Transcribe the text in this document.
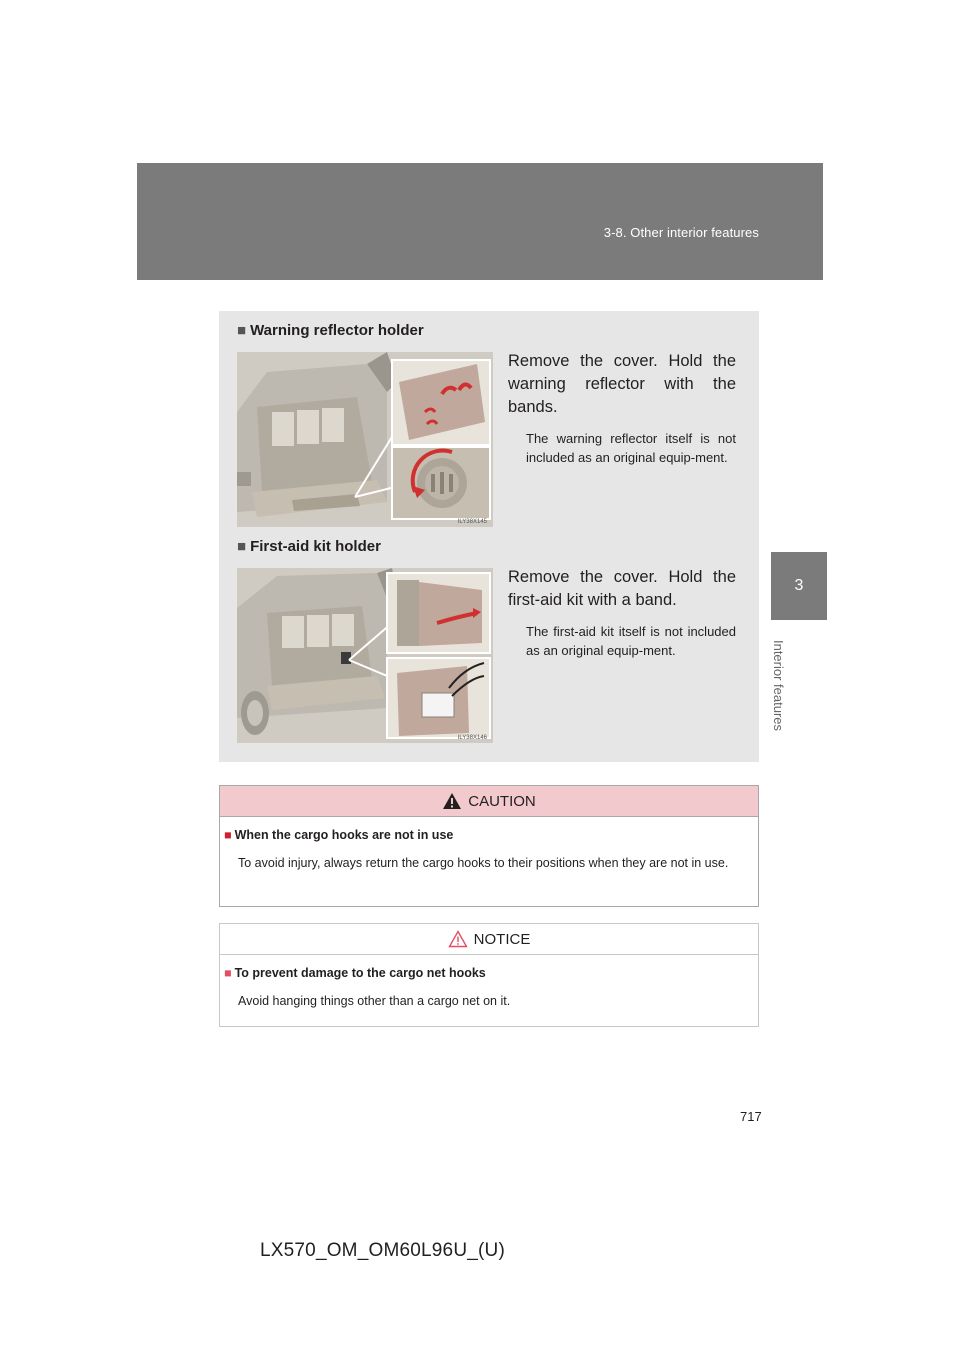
3-8. Other interior features
3
Interior features
■ Warning reflector holder
ILY38X145
Remove the cover. Hold the warning reflector with the bands.
The warning reflector itself is not included as an original equip-ment.
■ First-aid kit holder
ILY38X146
Remove the cover. Hold the first-aid kit with a band.
The first-aid kit itself is not included as an original equip-ment.
CAUTION
■ When the cargo hooks are not in use
To avoid injury, always return the cargo hooks to their positions when they are not in use.
NOTICE
■ To prevent damage to the cargo net hooks
Avoid hanging things other than a cargo net on it.
717
LX570_OM_OM60L96U_(U)
